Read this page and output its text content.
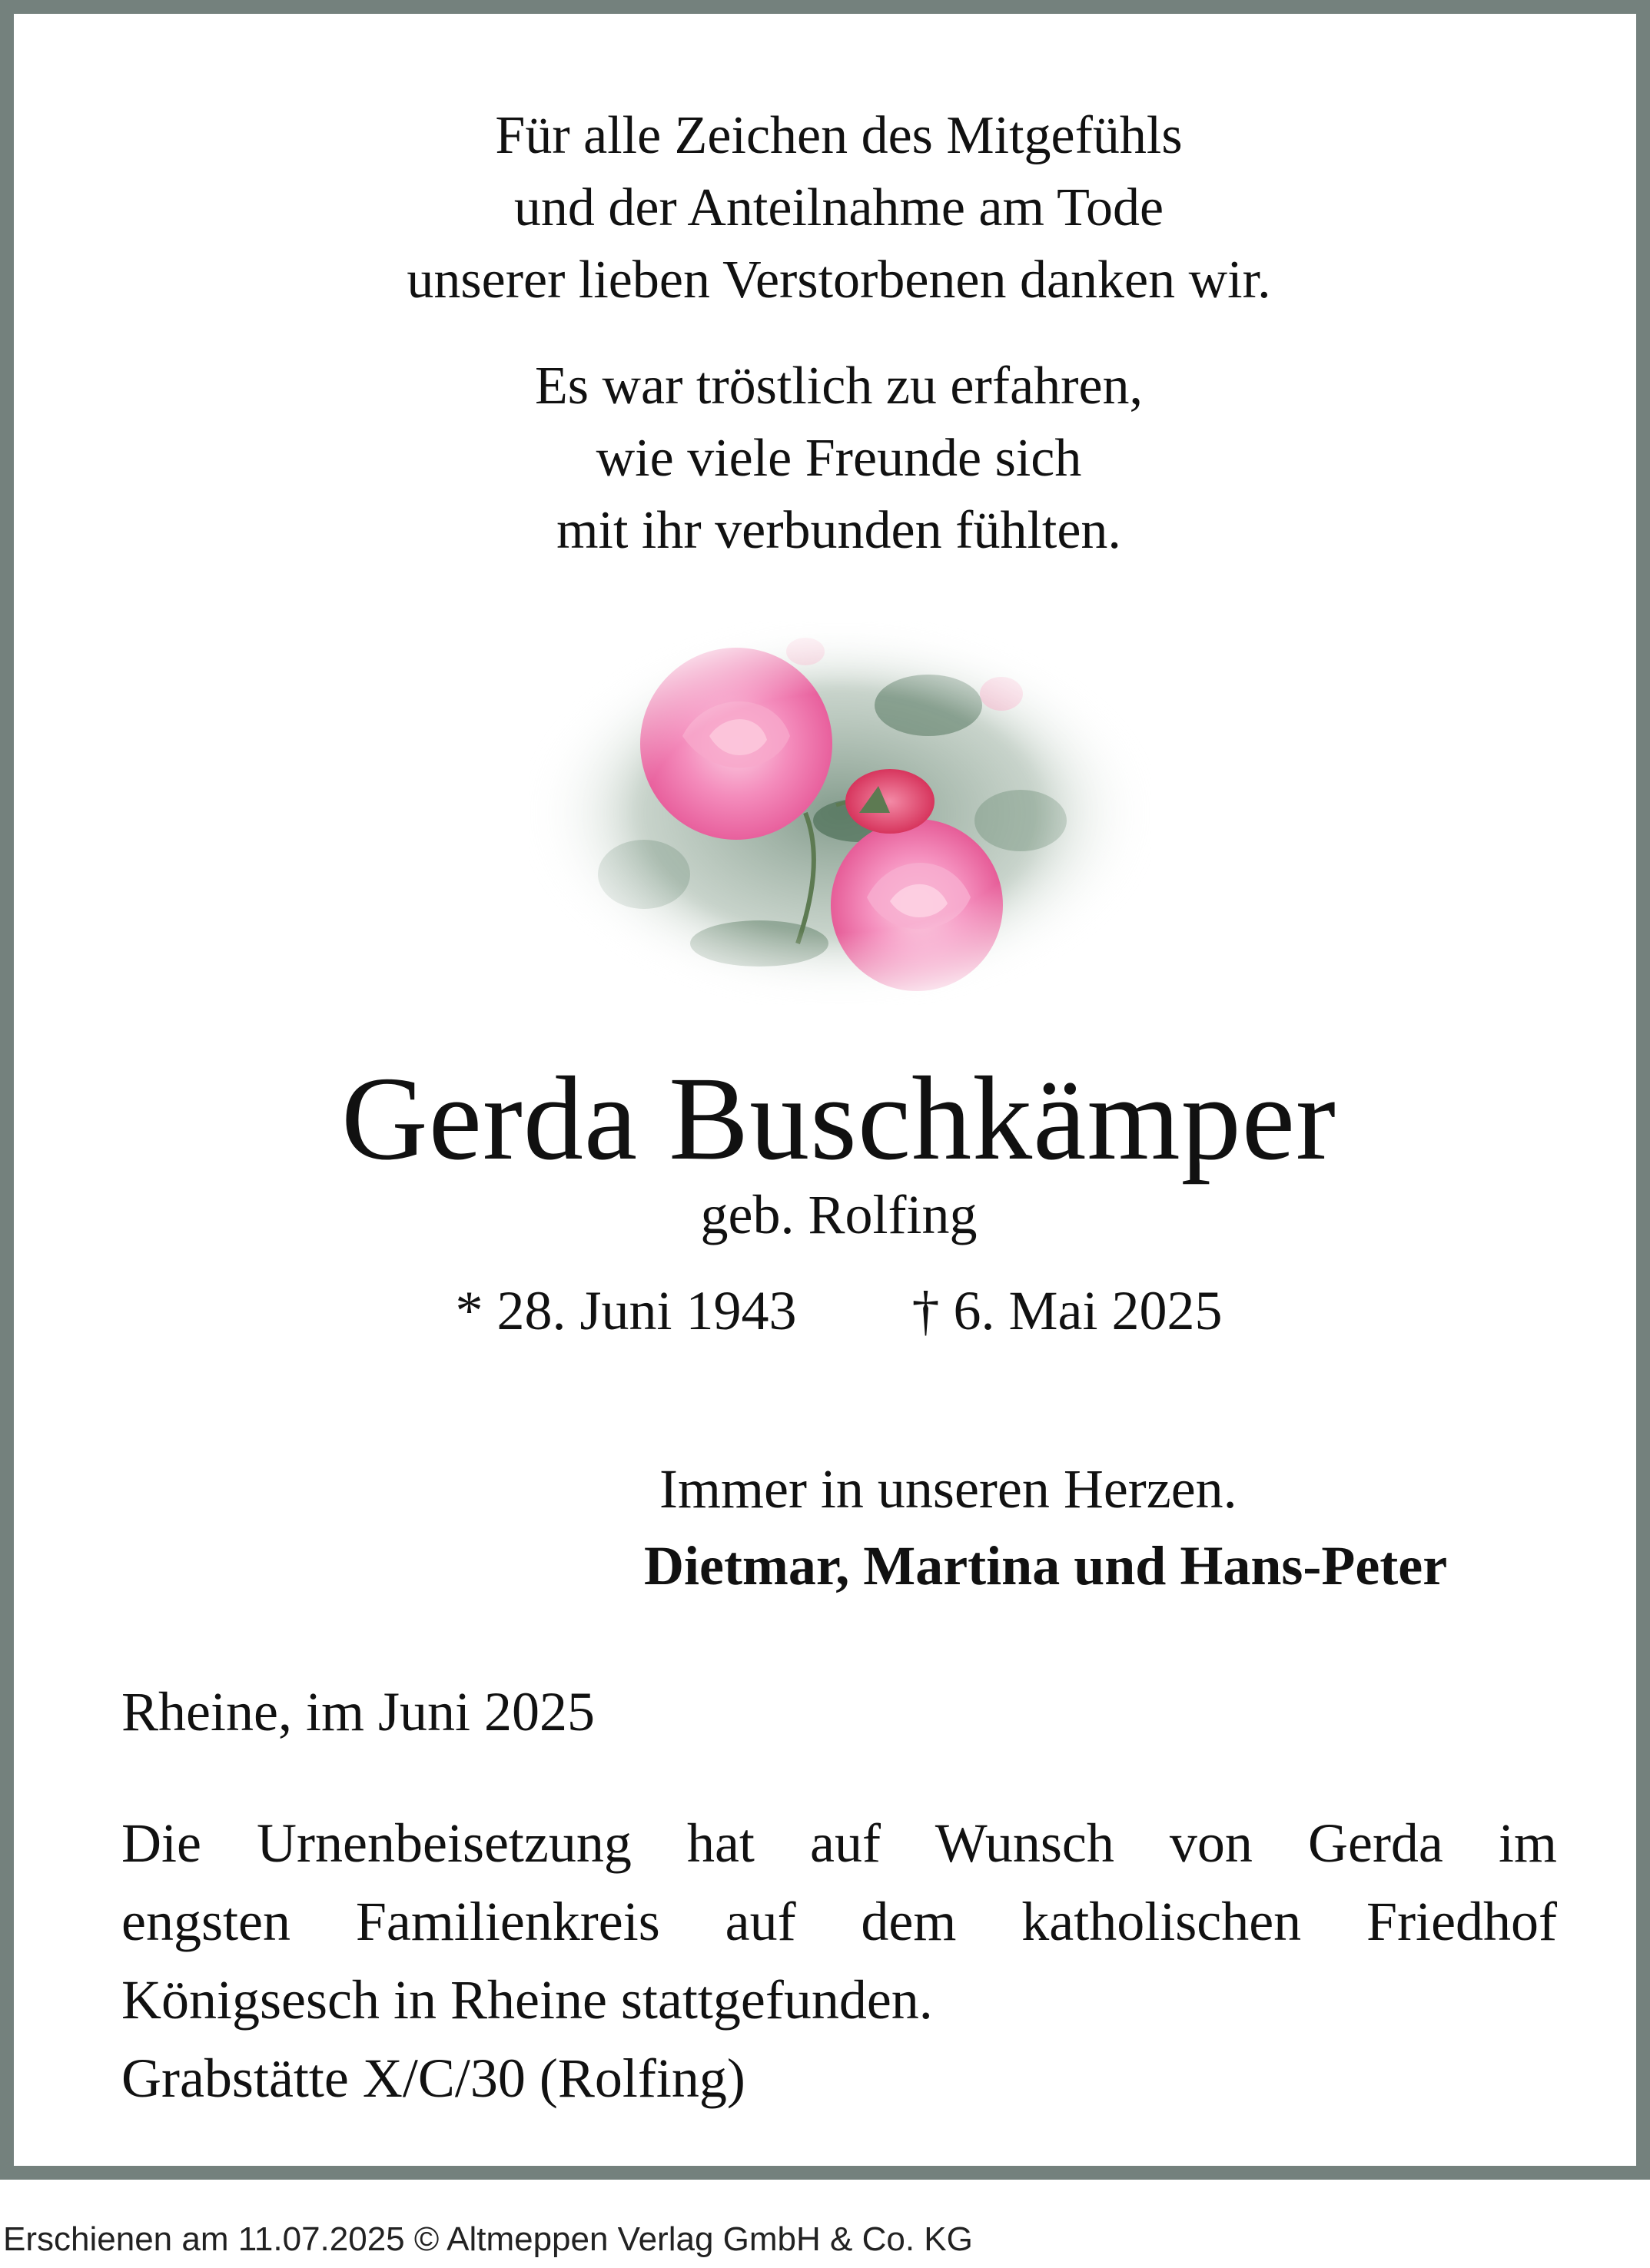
Für alle Zeichen des Mitgefühls

und der Anteilnahme am Tode

unserer lieben Verstorbenen danken wir.

Es war tröstlich zu erfahren,

wie viele Freunde sich

mit ihr verbunden fühlten.

Gerda Buschkämper
geb. Rolfing
* 28. Juni 1943 † 6. Mai 2025
Immer in unseren Herzen.
Dietmar, Martina und Hans-Peter
Rheine, im Juni 2025

Die Urnenbeisetzung hat auf Wunsch von Gerda im

engsten Familienkreis auf dem katholischen Friedhof

Königsesch in Rheine stattgefunden.

Grabstätte X/C/30 (Rolfing)

Erschienen am 11.07.2025 © Altmeppen Verlag GmbH & Co. KG
